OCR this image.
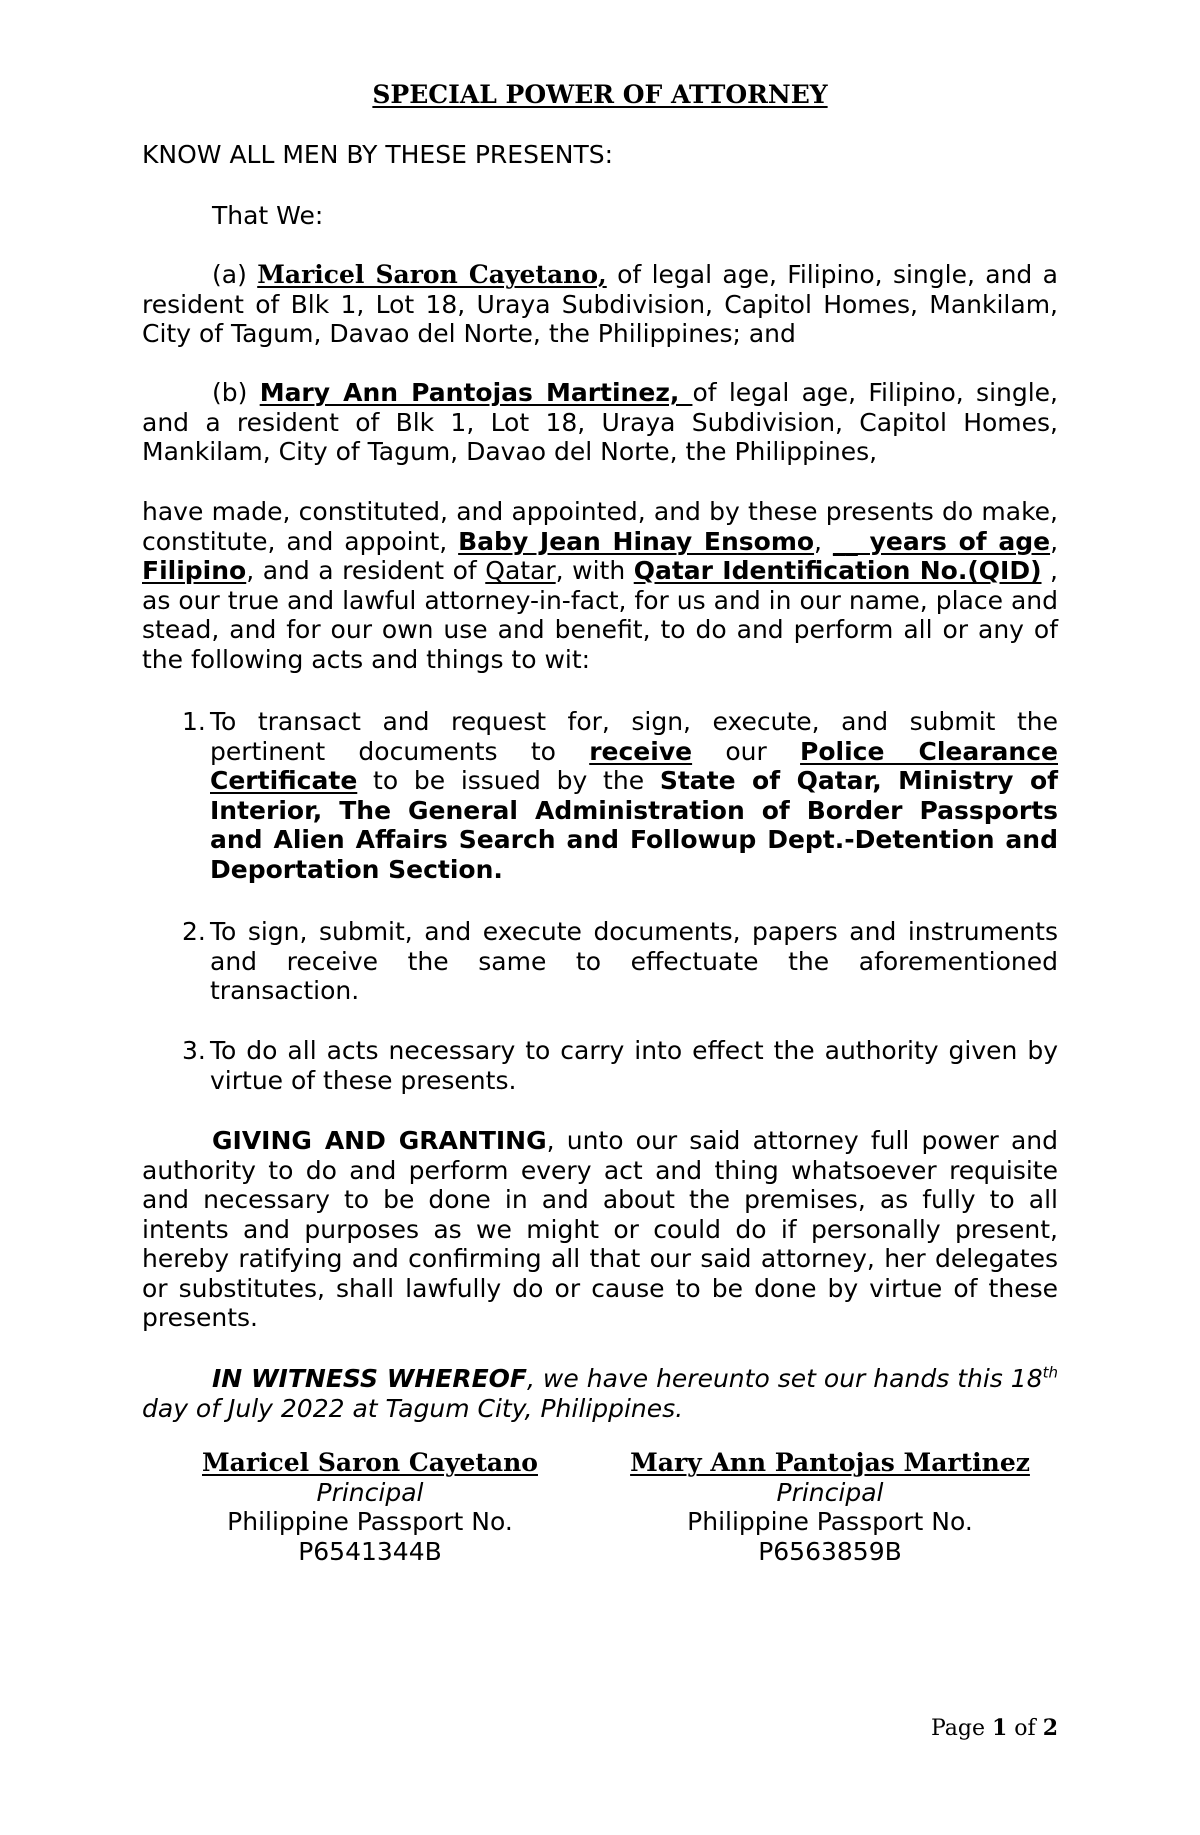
SPECIAL POWER OF ATTORNEY
KNOW ALL MEN BY THESE PRESENTS:
That We:
(a) Maricel Saron Cayetano, of legal age, Filipino, single, and a resident of Blk 1, Lot 18, Uraya Subdivision, Capitol Homes, Mankilam, City of Tagum, Davao del Norte, the Philippines; and
(b) Mary Ann Pantojas Martinez, of legal age, Filipino, single, and a resident of Blk 1, Lot 18, Uraya Subdivision, Capitol Homes, Mankilam, City of Tagum, Davao del Norte, the Philippines,
have made, constituted, and appointed, and by these presents do make, constitute, and appoint, Baby Jean Hinay Ensomo, __ years of age, Filipino, and a resident of Qatar, with Qatar Identification No.(QID) , as our true and lawful attorney-in-fact, for us and in our name, place and stead, and for our own use and benefit, to do and perform all or any of the following acts and things to wit:
1. To transact and request for, sign, execute, and submit the pertinent documents to receive our Police Clearance Certificate to be issued by the State of Qatar, Ministry of Interior, The General Administration of Border Passports and Alien Affairs Search and Followup Dept.-Detention and Deportation Section.
2. To sign, submit, and execute documents, papers and instruments and receive the same to effectuate the aforementioned transaction.
3. To do all acts necessary to carry into effect the authority given by virtue of these presents.
GIVING AND GRANTING, unto our said attorney full power and authority to do and perform every act and thing whatsoever requisite and necessary to be done in and about the premises, as fully to all intents and purposes as we might or could do if personally present, hereby ratifying and confirming all that our said attorney, her delegates or substitutes, shall lawfully do or cause to be done by virtue of these presents.
IN WITNESS WHEREOF, we have hereunto set our hands this 18th day of July 2022 at Tagum City, Philippines.
Maricel Saron Cayetano
Principal
Philippine Passport No.
P6541344B
Mary Ann Pantojas Martinez
Principal
Philippine Passport No.
P6563859B
Page 1 of 2
